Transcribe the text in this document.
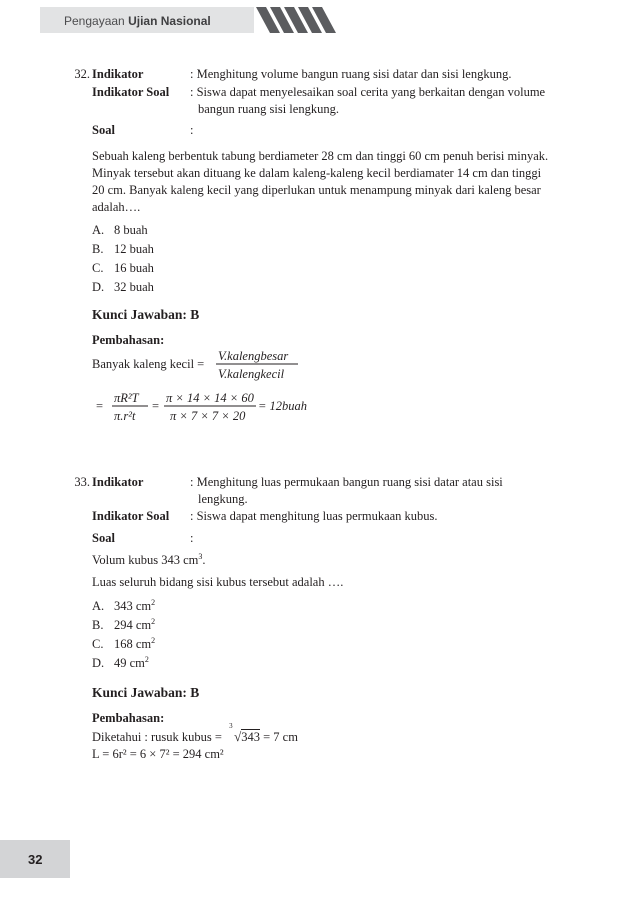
Pengayaan Ujian Nasional
32. Indikator	: Menghitung volume bangun ruang sisi datar dan sisi lengkung.
Indikator Soal : Siswa dapat menyelesaikan soal cerita yang berkaitan dengan volume
bangun ruang sisi lengkung.
Soal	:
Sebuah kaleng berbentuk tabung berdiameter 28 cm dan tinggi 60 cm penuh berisi minyak.
Minyak tersebut akan dituang ke dalam kaleng-kaleng kecil berdiamater 14 cm dan tinggi
20 cm. Banyak kaleng kecil yang diperlukan untuk menampung minyak dari kaleng besar
adalah….
A. 8 buah
B. 12 buah
C. 16 buah
D. 32 buah
Kunci Jawaban: B
Pembahasan:
Banyak kaleng kecil =
V.kalengbesar
V.kalengkecil
=
πR²T
π.r²t
=
π × 14 × 14 × 60
π × 7 × 7 × 20
= 12buah
33. Indikator	: Menghitung luas permukaan bangun ruang sisi datar atau sisi
lengkung.
Indikator Soal : Siswa dapat menghitung luas permukaan kubus.
Soal	:
Volum kubus 343 $cm^3$.
Luas seluruh bidang sisi kubus tersebut adalah ….
A. 343 $cm^2$
B. 294 $cm^2$
C. 168 $cm^2$
D. 49 $cm^2$
Kunci Jawaban: B
Pembahasan:
Diketahui : rusuk kubus =
3
√343 = 7 cm
L = 6r² = 6 × 7² = 294 cm²
32
